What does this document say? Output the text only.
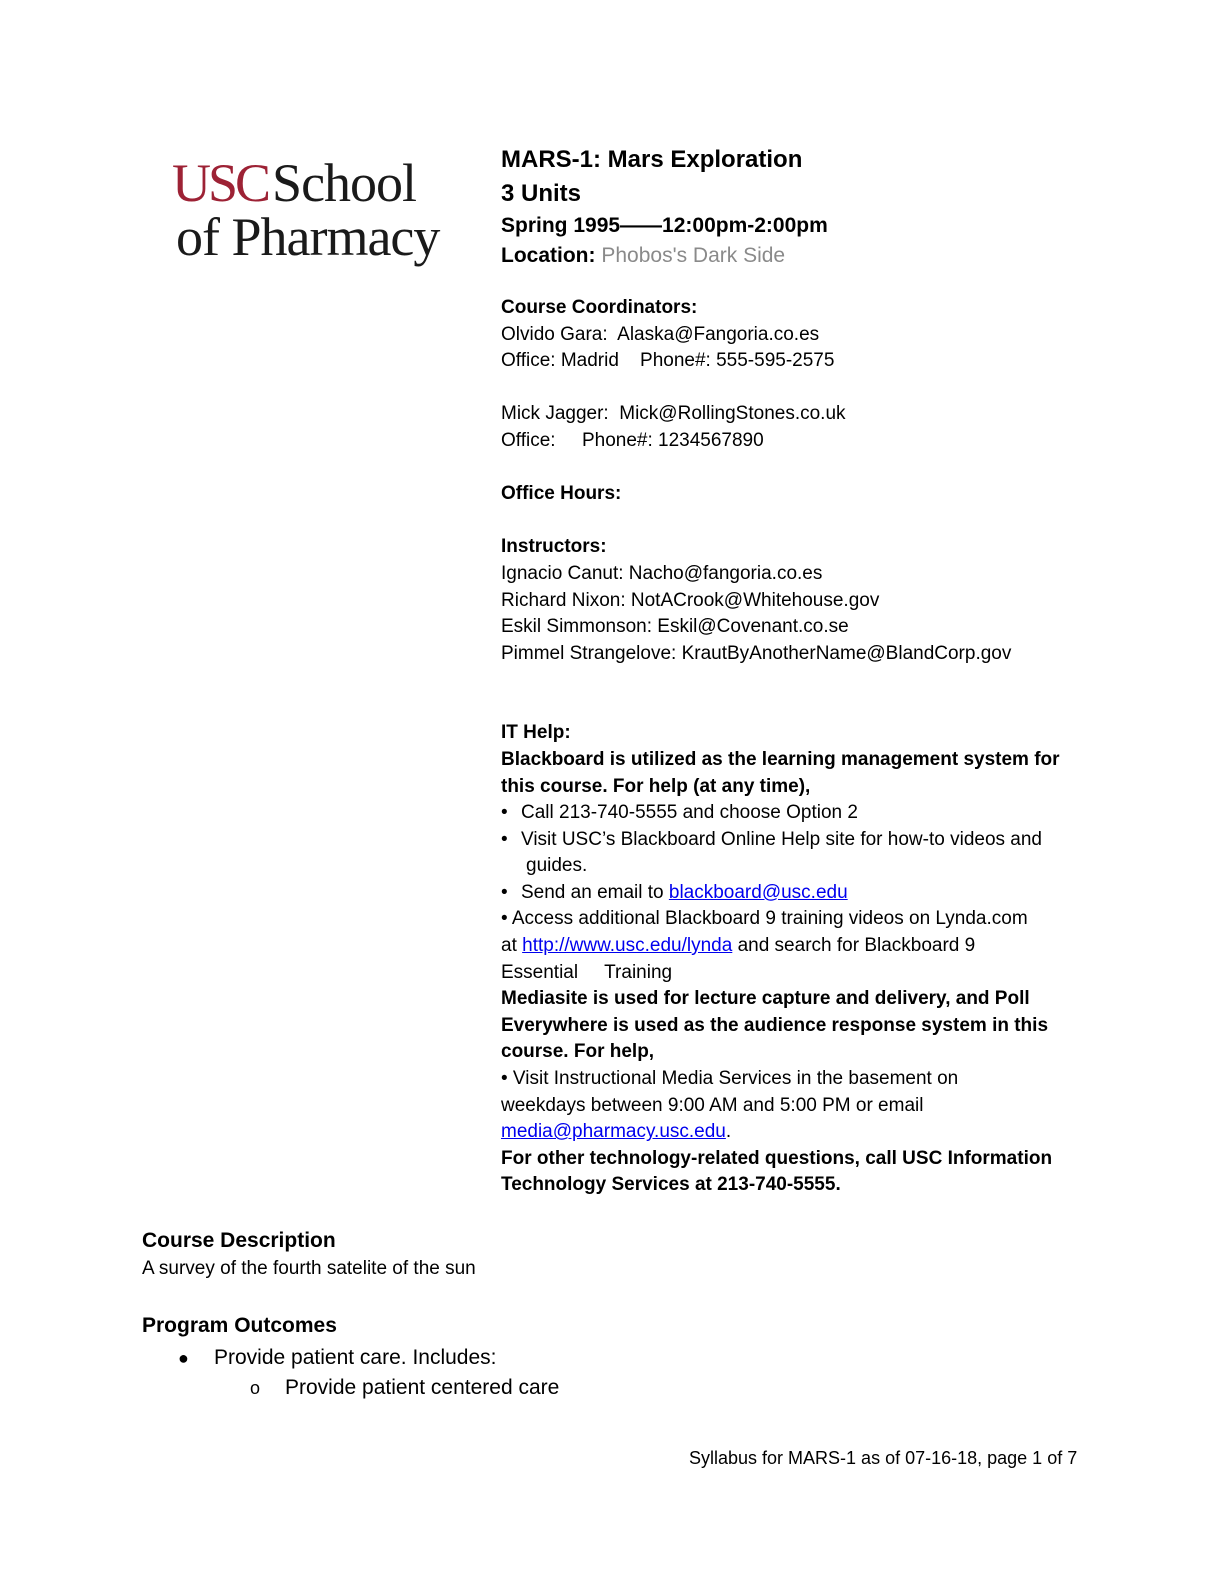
USCSchool
of Pharmacy
MARS-1: Mars Exploration
3 Units
Spring 1995——12:00pm-2:00pm
Location: Phobos's Dark Side
Course Coordinators:
Olvido Gara:  Alaska@Fangoria.co.es
Office: Madrid    Phone#: 555-595-2575
Mick Jagger:  Mick@RollingStones.co.uk
Office:     Phone#: 1234567890
Office Hours:
Instructors:
Ignacio Canut: Nacho@fangoria.co.es
Richard Nixon: NotACrook@Whitehouse.gov
Eskil Simmonson: Eskil@Covenant.co.se
Pimmel Strangelove: KrautByAnotherName@BlandCorp.gov
IT Help:
Blackboard is utilized as the learning management system for
this course. For help (at any time),
• Call 213-740-5555 and choose Option 2
• Visit USC’s Blackboard Online Help site for how-to videos and
guides.
• Send an email to blackboard@usc.edu
• Access additional Blackboard 9 training videos on Lynda.com
at http://www.usc.edu/lynda and search for Blackboard 9
Essential     Training
Mediasite is used for lecture capture and delivery, and Poll
Everywhere is used as the audience response system in this
course. For help,
• Visit Instructional Media Services in the basement on
weekdays between 9:00 AM and 5:00 PM or email
media@pharmacy.usc.edu.
For other technology-related questions, call USC Information
Technology Services at 213-740-5555.
Course Description
A survey of the fourth satelite of the sun
Program Outcomes
● Provide patient care. Includes:
o Provide patient centered care
Syllabus for MARS-1 as of 07-16-18, page 1 of 7
